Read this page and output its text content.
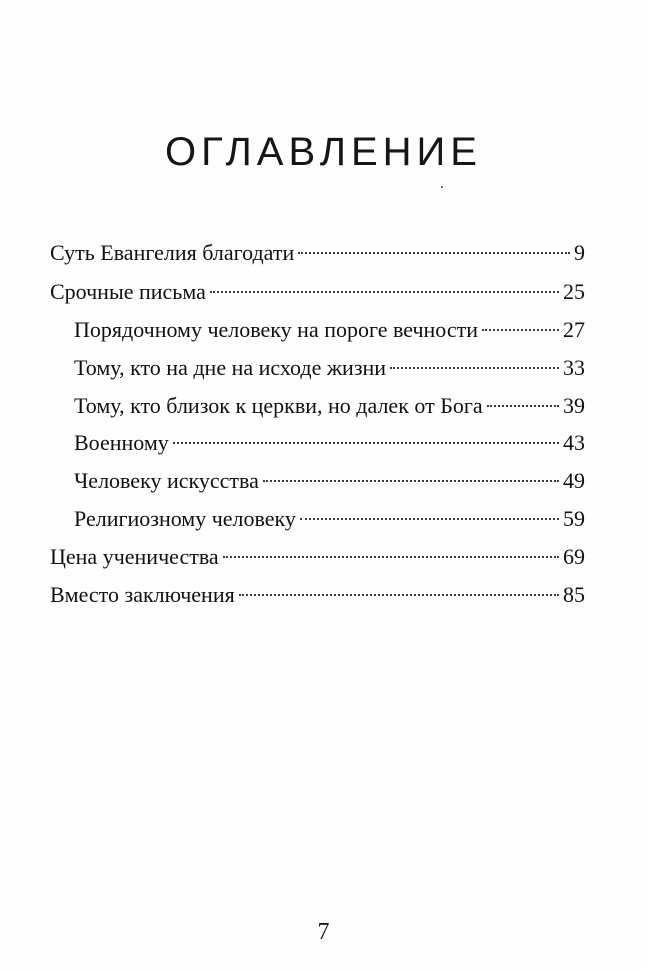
ОГЛАВЛЕНИЕ
Суть Евангелия благодати	9
Срочные письма	25
Порядочному человеку на пороге вечности	27
Тому, кто на дне на исходе жизни	33
Тому, кто близок к церкви, но далек от Бога	39
Военному	43
Человеку искусства	49
Религиозному человеку	59
Цена ученичества	69
Вместо заключения	85
7
